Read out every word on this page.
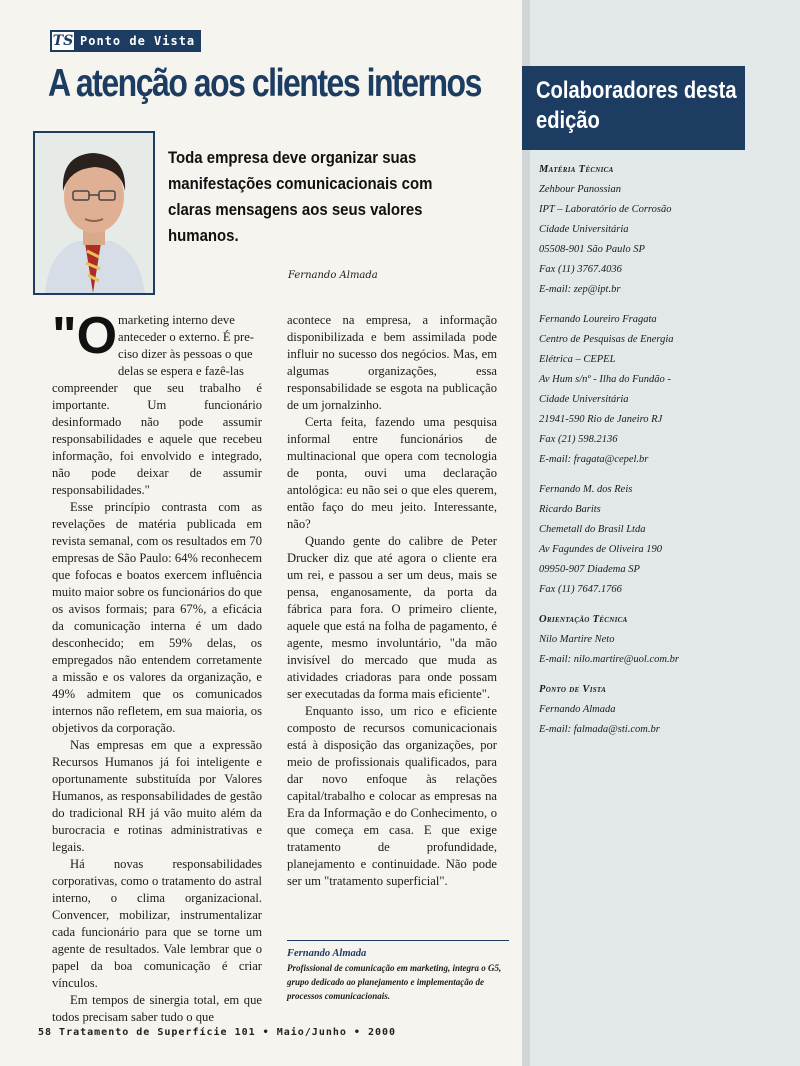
TS Ponto de Vista
A atenção aos clientes internos
Toda empresa deve organizar suas manifestações comunicacionais com claras mensagens aos seus valores humanos.
Fernando Almada
"O marketing interno deve

anteceder o externo. É pre-

ciso dizer às pessoas o que

delas se espera e fazê-las

compreender que seu trabalho é importante. Um funcionário desinformado não pode assumir responsabilidades e aquele que recebeu informação, foi envolvido e integrado, não pode deixar de assumir responsabilidades."

Esse princípio contrasta com as revelações de matéria publicada em revista semanal, com os resultados em 70 empresas de São Paulo: 64% reconhecem que fofocas e boatos exercem influência muito maior sobre os funcionários do que os avisos formais; para 67%, a eficácia da comunicação interna é um dado desconhecido; em 59% delas, os empregados não entendem corretamente a missão e os valores da organização, e 49% admitem que os comunicados internos não refletem, em sua maioria, os objetivos da corporação.

Nas empresas em que a expressão Recursos Humanos já foi inteligente e oportunamente substituída por Valores Humanos, as responsabilidades de gestão do tradicional RH já vão muito além da burocracia e rotinas administrativas e legais.

Há novas responsabilidades corporativas, como o tratamento do astral interno, o clima organizacional. Convencer, mobilizar, instrumentalizar cada funcionário para que se torne um agente de resultados. Vale lembrar que o papel da boa comunicação é criar vínculos.

Em tempos de sinergia total, em que todos precisam saber tudo o que

acontece na empresa, a informação disponibilizada e bem assimilada pode influir no sucesso dos negócios. Mas, em algumas organizações, essa responsabilidade se esgota na publicação de um jornalzinho.

Certa feita, fazendo uma pesquisa informal entre funcionários de multinacional que opera com tecnologia de ponta, ouvi uma declaração antológica: eu não sei o que eles querem, então faço do meu jeito. Interessante, não?

Quando gente do calibre de Peter Drucker diz que até agora o cliente era um rei, e passou a ser um deus, mais se pensa, enganosamente, da porta da fábrica para fora. O primeiro cliente, aquele que está na folha de pagamento, é agente, mesmo involuntário, "da mão invisível do mercado que muda as atividades criadoras para onde possam ser executadas da forma mais eficiente".

Enquanto isso, um rico e eficiente composto de recursos comunicacionais está à disposição das organizações, por meio de profissionais qualificados, para dar novo enfoque às relações capital/trabalho e colocar as empresas na Era da Informação e do Conhecimento, o que começa em casa. E que exige tratamento de profundidade, planejamento e continuidade. Não pode ser um "tratamento superficial".

Fernando Almada
Profissional de comunicação em marketing, integra o G5, grupo dedicado ao planejamento e implementação de processos comunicacionais.
58 Tratamento de Superfície 101 • Maio/Junho • 2000
Colaboradores desta edição
Matéria Técnica
Zehbour Panossian
IPT – Laboratório de Corrosão
Cidade Universitária
05508-901 São Paulo SP
Fax (11) 3767.4036
E-mail: zep@ipt.br
Fernando Loureiro Fragata
Centro de Pesquisas de Energia
Elétrica – CEPEL
Av Hum s/nº - Ilha do Fundão -
Cidade Universitária
21941-590 Rio de Janeiro RJ
Fax (21) 598.2136
E-mail: fragata@cepel.br
Fernando M. dos Reis
Ricardo Barits
Chemetall do Brasil Ltda
Av Fagundes de Oliveira 190
09950-907 Diadema SP
Fax (11) 7647.1766
Orientação Técnica
Nilo Martire Neto
E-mail: nilo.martire@uol.com.br
Ponto de Vista
Fernando Almada
E-mail: falmada@sti.com.br
